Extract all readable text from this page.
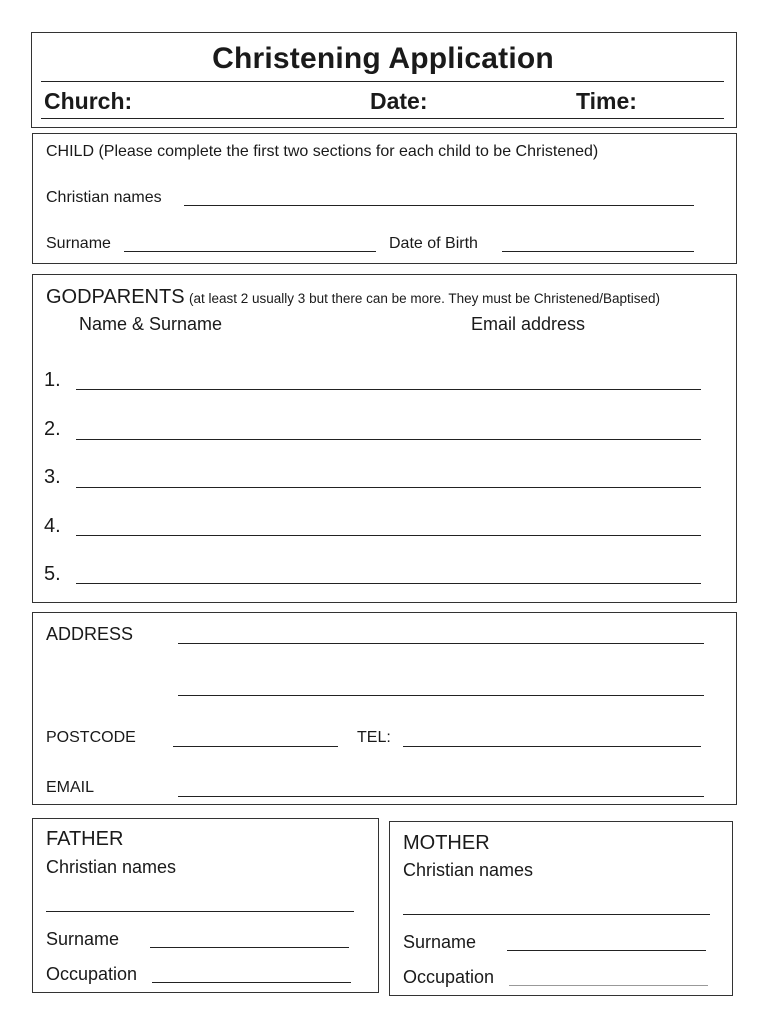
Christening Application
Church:	Date:	Time:
CHILD (Please complete the first two sections for each child to be Christened)
Christian names
Surname	Date of Birth
GODPARENTS (at least 2 usually 3 but there can be more. They must be Christened/Baptised)
Name & Surname	Email address
1.
2.
3.
4.
5.
ADDRESS
POSTCODE	TEL:
EMAIL
FATHER
Christian names
Surname
Occupation
MOTHER
Christian names
Surname
Occupation
